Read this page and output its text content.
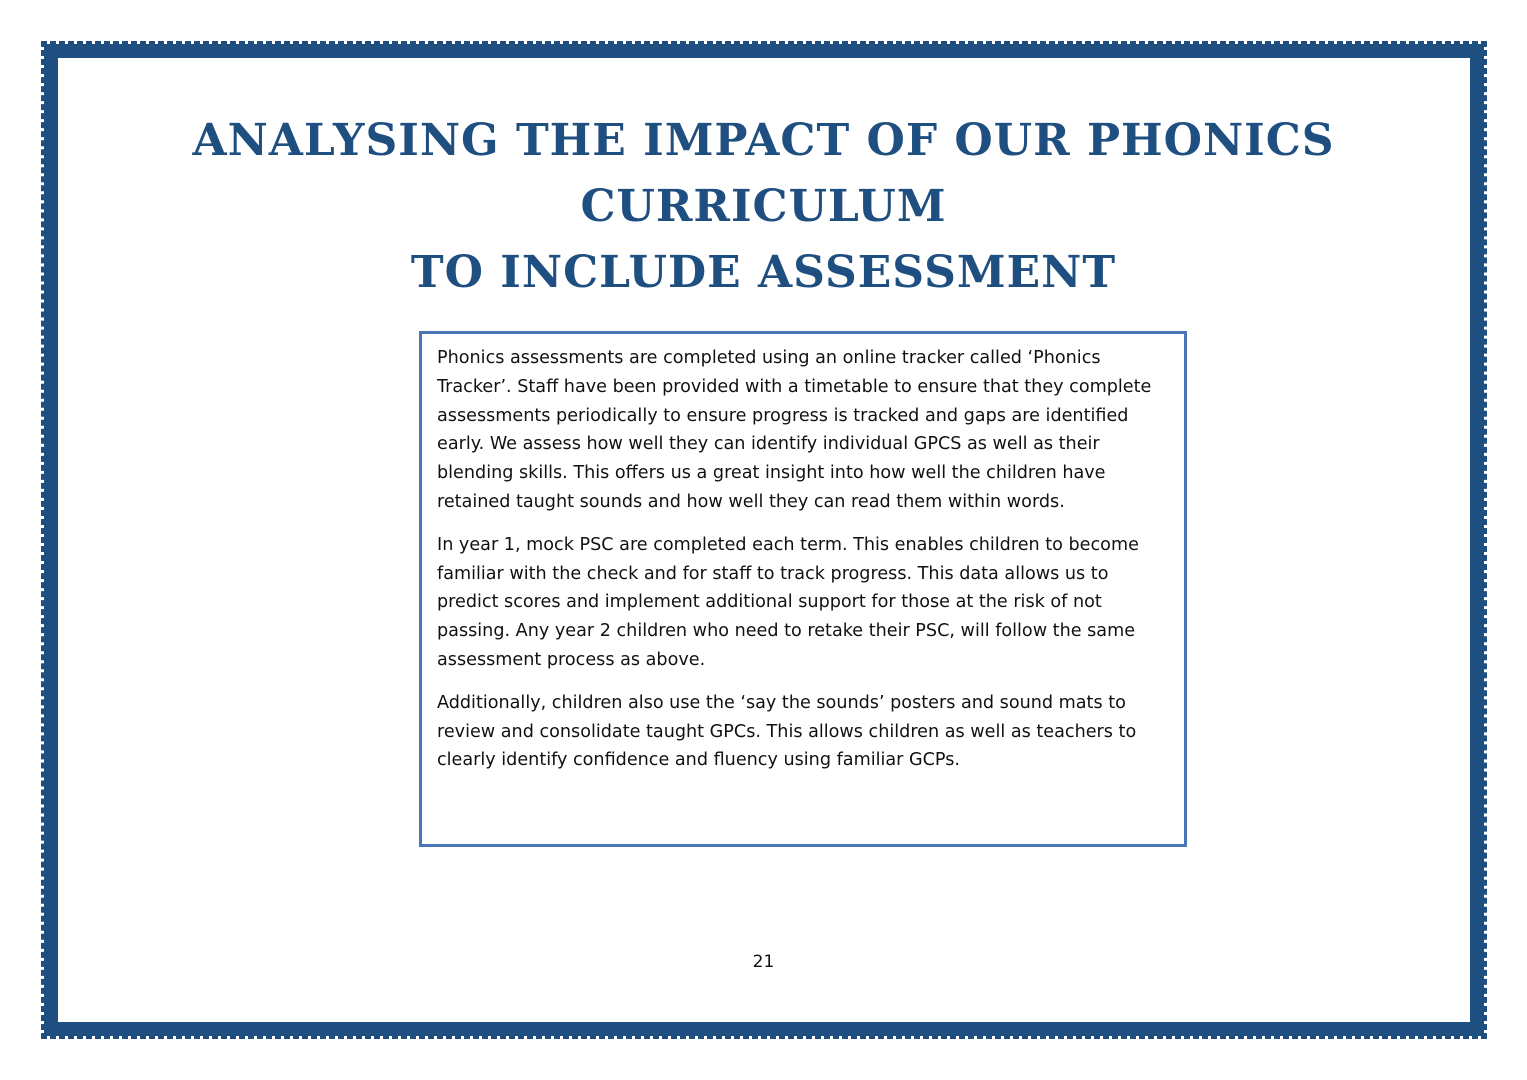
ANALYSING THE IMPACT OF OUR PHONICS CURRICULUM
TO INCLUDE ASSESSMENT

Phonics assessments are completed using an online tracker called ‘Phonics Tracker’. Staff have been provided with a timetable to ensure that they complete assessments periodically to ensure progress is tracked and gaps are identified early. We assess how well they can identify individual GPCS as well as their blending skills. This offers us a great insight into how well the children have retained taught sounds and how well they can read them within words.

In year 1, mock PSC are completed each term. This enables children to become familiar with the check and for staff to track progress. This data allows us to predict scores and implement additional support for those at the risk of not passing. Any year 2 children who need to retake their PSC, will follow the same assessment process as above.

Additionally, children also use the ‘say the sounds’ posters and sound mats to review and consolidate taught GPCs. This allows children as well as teachers to clearly identify confidence and fluency using familiar GCPs.

21
